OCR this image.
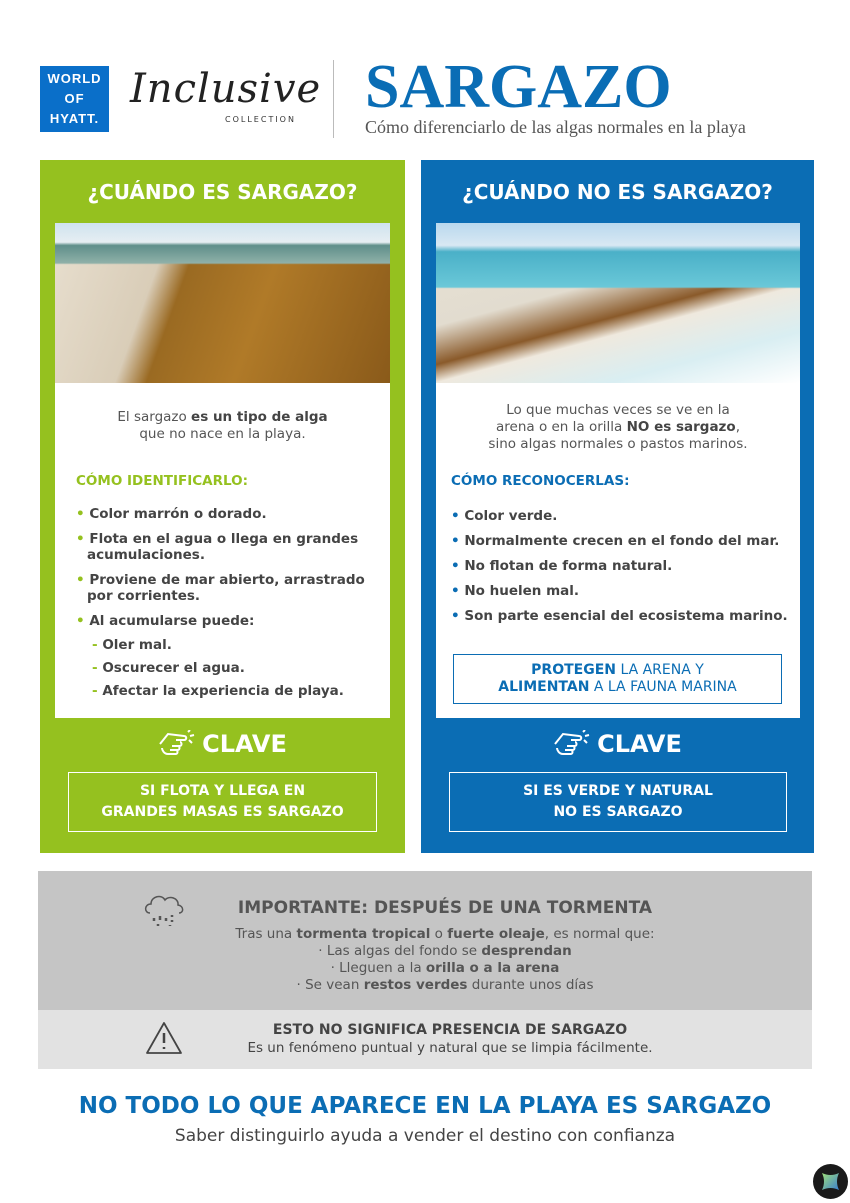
WORLD
OF
HYATT.
Inclusive
COLLECTION SARGAZO
Cómo diferenciarlo de las algas normales en la playa
¿CUÁNDO ES SARGAZO?
El sargazo es un tipo de alga
que no nace en la playa.
CÓMO IDENTIFICARLO:
• Color marrón o dorado.
• Flota en el agua o llega en grandes acumulaciones.
• Proviene de mar abierto, arrastrado por corrientes.
• Al acumularse puede:
- Oler mal.
- Oscurecer el agua.
- Afectar la experiencia de playa.
CLAVE
SI FLOTA Y LLEGA EN
GRANDES MASAS ES SARGAZO
¿CUÁNDO NO ES SARGAZO?
Lo que muchas veces se ve en la
arena o en la orilla NO es sargazo,
sino algas normales o pastos marinos.
CÓMO RECONOCERLAS:
• Color verde.
• Normalmente crecen en el fondo del mar.
• No flotan de forma natural.
• No huelen mal.
• Son parte esencial del ecosistema marino.
PROTEGEN LA ARENA Y
ALIMENTAN A LA FAUNA MARINA
CLAVE
SI ES VERDE Y NATURAL
NO ES SARGAZO
IMPORTANTE: DESPUÉS DE UNA TORMENTA
Tras una tormenta tropical o fuerte oleaje, es normal que:
· Las algas del fondo se desprendan
· Lleguen a la orilla o a la arena
· Se vean restos verdes durante unos días
ESTO NO SIGNIFICA PRESENCIA DE SARGAZO
Es un fenómeno puntual y natural que se limpia fácilmente.
NO TODO LO QUE APARECE EN LA PLAYA ES SARGAZO
Saber distinguirlo ayuda a vender el destino con confianza
